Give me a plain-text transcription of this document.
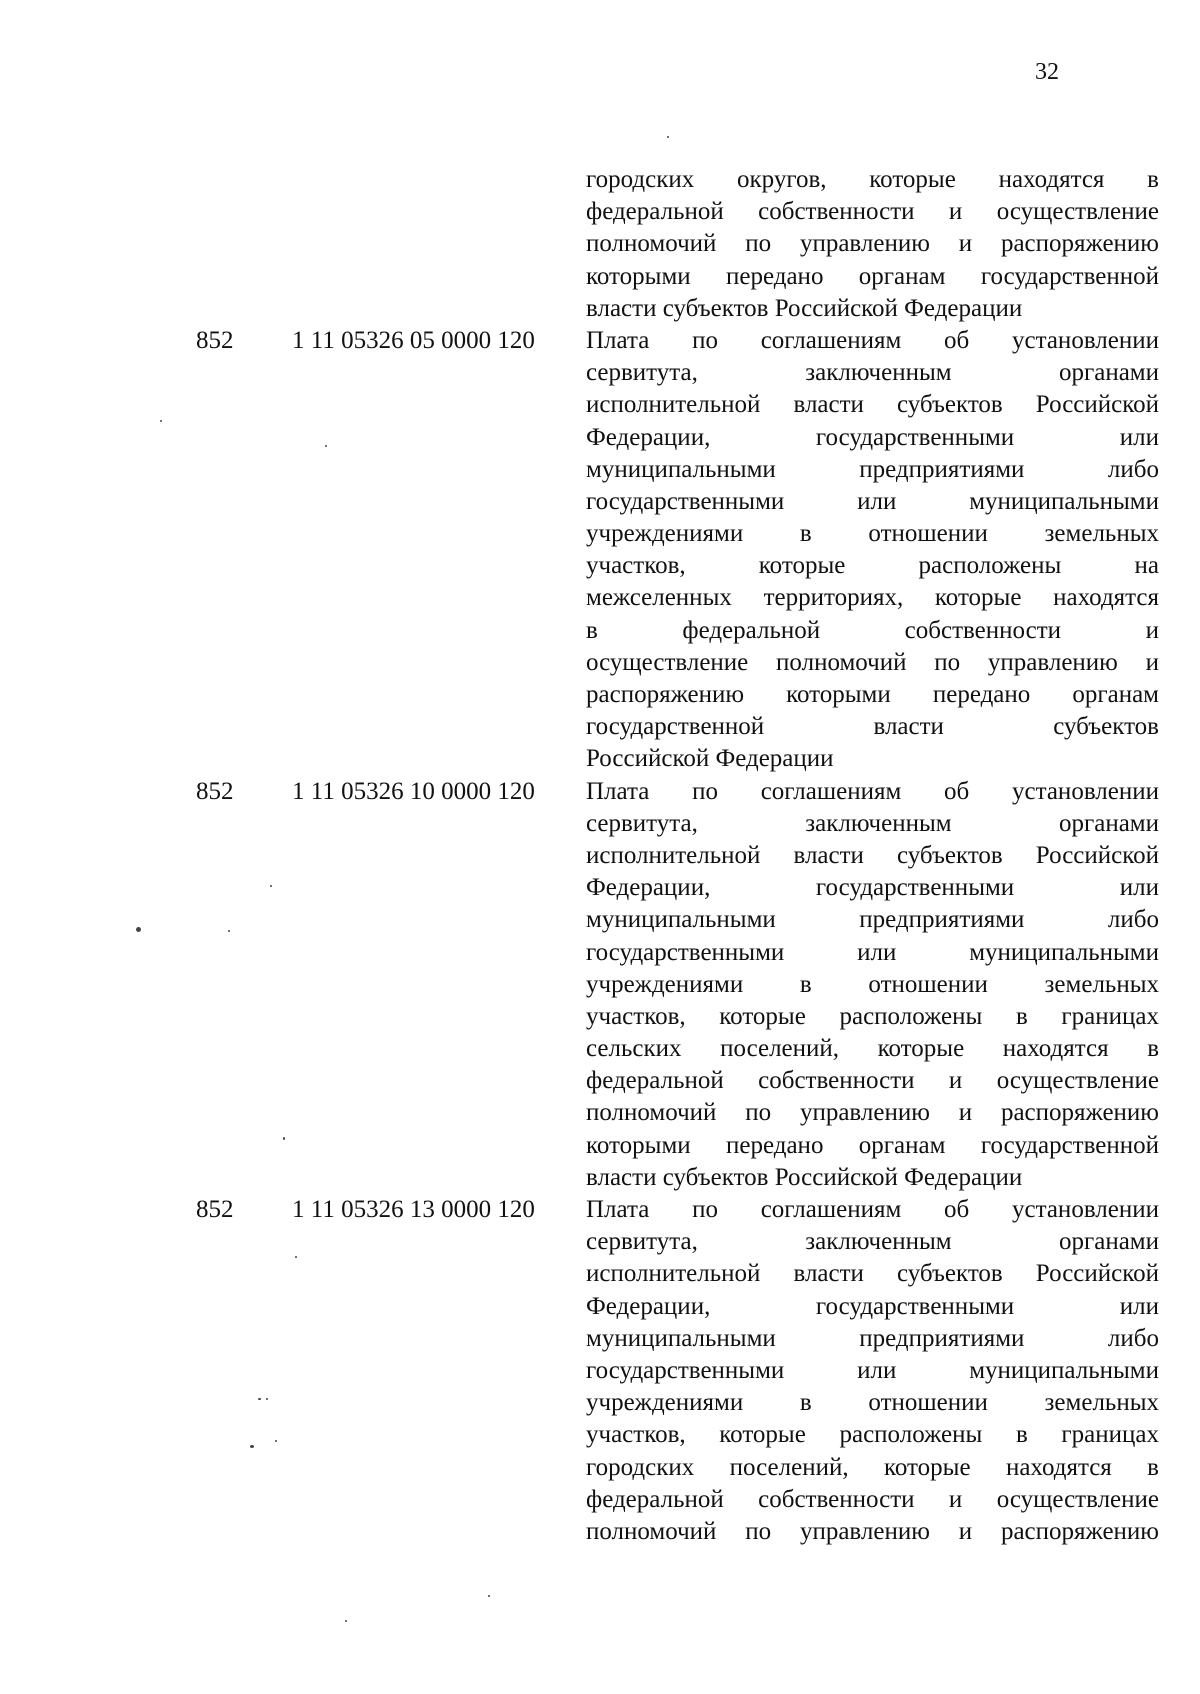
32
городских округов, которые находятся в
федеральной собственности и осуществление
полномочий по управлению и распоряжению
которыми передано органам государственной
власти субъектов Российской Федерации
852 1 11 05326 05 0000 120 Плата по соглашениям об установлении
сервитута, заключенным органами
исполнительной власти субъектов Российской
Федерации, государственными или
муниципальными предприятиями либо
государственными или муниципальными
учреждениями в отношении земельных
участков, которые расположены на
межселенных территориях, которые находятся
в федеральной собственности и
осуществление полномочий по управлению и
распоряжению которыми передано органам
государственной власти субъектов
Российской Федерации
852 1 11 05326 10 0000 120 Плата по соглашениям об установлении
сервитута, заключенным органами
исполнительной власти субъектов Российской
Федерации, государственными или
муниципальными предприятиями либо
государственными или муниципальными
учреждениями в отношении земельных
участков, которые расположены в границах
сельских поселений, которые находятся в
федеральной собственности и осуществление
полномочий по управлению и распоряжению
которыми передано органам государственной
власти субъектов Российской Федерации
852 1 11 05326 13 0000 120 Плата по соглашениям об установлении
сервитута, заключенным органами
исполнительной власти субъектов Российской
Федерации, государственными или
муниципальными предприятиями либо
государственными или муниципальными
учреждениями в отношении земельных
участков, которые расположены в границах
городских поселений, которые находятся в
федеральной собственности и осуществление
полномочий по управлению и распоряжению
